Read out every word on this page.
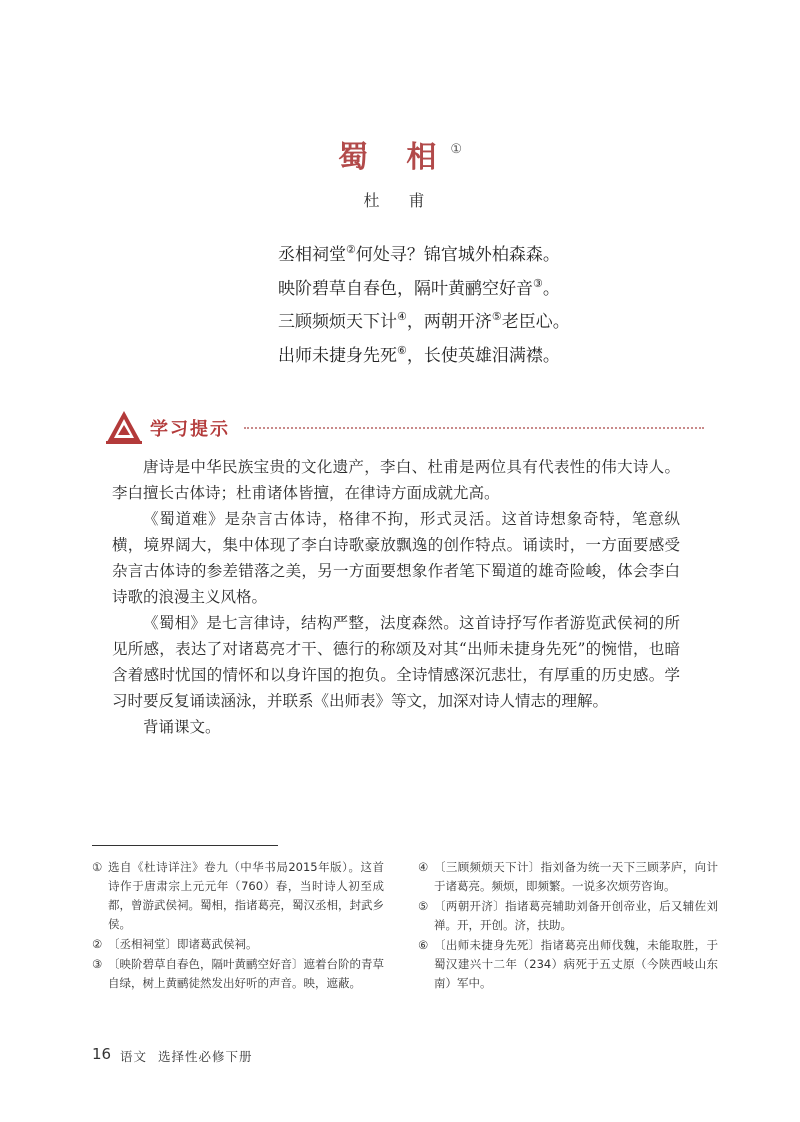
蜀 相①
杜 甫
丞相祠堂②何处寻？锦官城外柏森森。
映阶碧草自春色，隔叶黄鹂空好音③。
三顾频烦天下计④，两朝开济⑤老臣心。
出师未捷身先死⑥，长使英雄泪满襟。
学习提示

唐诗是中华民族宝贵的文化遗产，李白、杜甫是两位具有代表性的伟大诗人。李白擅长古体诗；杜甫诸体皆擅，在律诗方面成就尤高。

《蜀道难》是杂言古体诗，格律不拘，形式灵活。这首诗想象奇特，笔意纵横，境界阔大，集中体现了李白诗歌豪放飘逸的创作特点。诵读时，一方面要感受杂言古体诗的参差错落之美，另一方面要想象作者笔下蜀道的雄奇险峻，体会李白诗歌的浪漫主义风格。

《蜀相》是七言律诗，结构严整，法度森然。这首诗抒写作者游览武侯祠的所见所感，表达了对诸葛亮才干、德行的称颂及对其“出师未捷身先死”的惋惜，也暗含着感时忧国的情怀和以身许国的抱负。全诗情感深沉悲壮，有厚重的历史感。学习时要反复诵读涵泳，并联系《出师表》等文，加深对诗人情志的理解。

背诵课文。

① 选自《杜诗详注》卷九（中华书局2015年版）。这首诗作于唐肃宗上元元年（760）春，当时诗人初至成都，曾游武侯祠。蜀相，指诸葛亮，蜀汉丞相，封武乡侯。
② 〔丞相祠堂〕即诸葛武侯祠。
③ 〔映阶碧草自春色，隔叶黄鹂空好音〕遮着台阶的青草自绿，树上黄鹂徒然发出好听的声音。映，遮蔽。
④ 〔三顾频烦天下计〕指刘备为统一天下三顾茅庐，向计于诸葛亮。频烦，即频繁。一说多次烦劳咨询。
⑤ 〔两朝开济〕指诸葛亮辅助刘备开创帝业，后又辅佐刘禅。开，开创。济，扶助。
⑥ 〔出师未捷身先死〕指诸葛亮出师伐魏，未能取胜，于蜀汉建兴十二年（234）病死于五丈原（今陕西岐山东南）军中。
16 语文 选择性必修下册
